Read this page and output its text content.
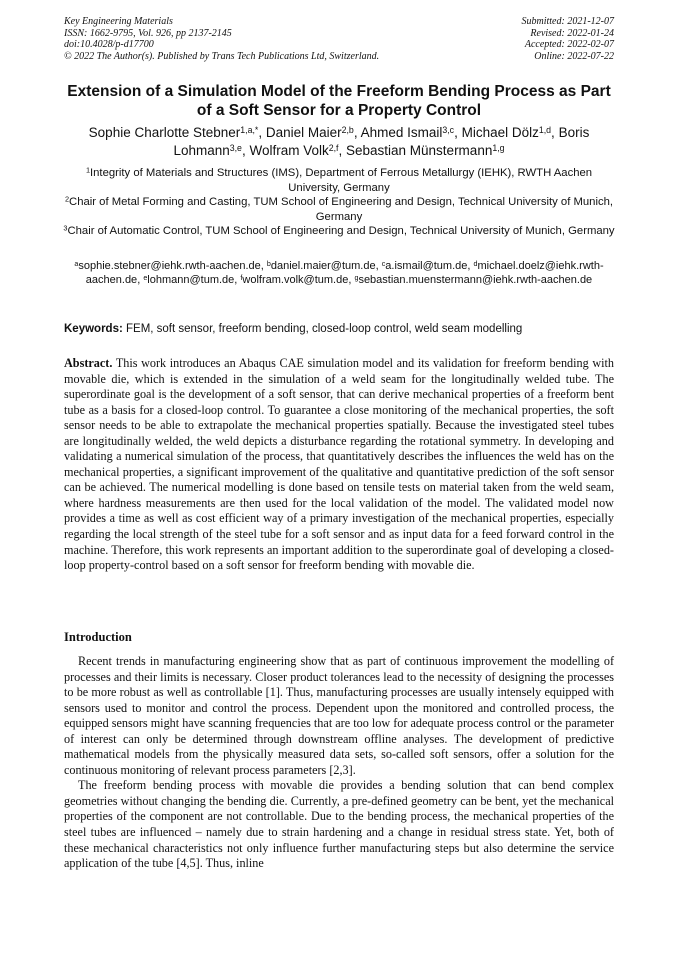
Key Engineering Materials
ISSN: 1662-9795, Vol. 926, pp 2137-2145
doi:10.4028/p-d17700
© 2022 The Author(s). Published by Trans Tech Publications Ltd, Switzerland.
Submitted: 2021-12-07
Revised: 2022-01-24
Accepted: 2022-02-07
Online: 2022-07-22
Extension of a Simulation Model of the Freeform Bending Process as Part of a Soft Sensor for a Property Control
Sophie Charlotte Stebner$^{1,a,*}$, Daniel Maier$^{2,b}$, Ahmed Ismail$^{3,c}$, Michael Dölz$^{1,d}$, Boris Lohmann$^{3,e}$, Wolfram Volk$^{2,f}$, Sebastian Münstermann$^{1,g}$
$^1$Integrity of Materials and Structures (IMS), Department of Ferrous Metallurgy (IEHK), RWTH Aachen University, Germany
$^2$Chair of Metal Forming and Casting, TUM School of Engineering and Design, Technical University of Munich, Germany
$^3$Chair of Automatic Control, TUM School of Engineering and Design, Technical University of Munich, Germany
$^a$sophie.stebner@iehk.rwth-aachen.de, $^b$daniel.maier@tum.de, $^c$a.ismail@tum.de, $^d$michael.doelz@iehk.rwth-aachen.de, $^e$lohmann@tum.de, $^f$wolfram.volk@tum.de, $^g$sebastian.muenstermann@iehk.rwth-aachen.de
Keywords: FEM, soft sensor, freeform bending, closed-loop control, weld seam modelling
Abstract. This work introduces an Abaqus CAE simulation model and its validation for freeform bending with movable die, which is extended in the simulation of a weld seam for the longitudinally welded tube. The superordinate goal is the development of a soft sensor, that can derive mechanical properties of a freeform bent tube as a basis for a closed-loop control. To guarantee a close monitoring of the mechanical properties, the soft sensor needs to be able to extrapolate the mechanical properties spatially. Because the investigated steel tubes are longitudinally welded, the weld depicts a disturbance regarding the rotational symmetry. In developing and validating a numerical simulation of the process, that quantitatively describes the influences the weld has on the mechanical properties, a significant improvement of the qualitative and quantitative prediction of the soft sensor can be achieved. The numerical modelling is done based on tensile tests on material taken from the weld seam, where hardness measurements are then used for the local validation of the model. The validated model now provides a time as well as cost efficient way of a primary investigation of the mechanical properties, especially regarding the local strength of the steel tube for a soft sensor and as input data for a feed forward control in the machine. Therefore, this work represents an important addition to the superordinate goal of developing a closed-loop property-control based on a soft sensor for freeform bending with movable die.
Introduction

Recent trends in manufacturing engineering show that as part of continuous improvement the modelling of processes and their limits is necessary. Closer product tolerances lead to the necessity of designing the processes to be more robust as well as controllable [1]. Thus, manufacturing processes are usually intensely equipped with sensors used to monitor and control the process. Dependent upon the monitored and controlled process, the equipped sensors might have scanning frequencies that are too low for adequate process control or the parameter of interest can only be determined through downstream offline analyses. The development of predictive mathematical models from the physically measured data sets, so-called soft sensors, offer a solution for the continuous monitoring of relevant process parameters [2,3].

The freeform bending process with movable die provides a bending solution that can bend complex geometries without changing the bending die. Currently, a pre-defined geometry can be bent, yet the mechanical properties of the component are not controllable. Due to the bending process, the mechanical properties of the steel tubes are influenced – namely due to strain hardening and a change in residual stress state. Yet, both of these mechanical characteristics not only influence further manufacturing steps but also determine the service application of the tube [4,5]. Thus, inline
